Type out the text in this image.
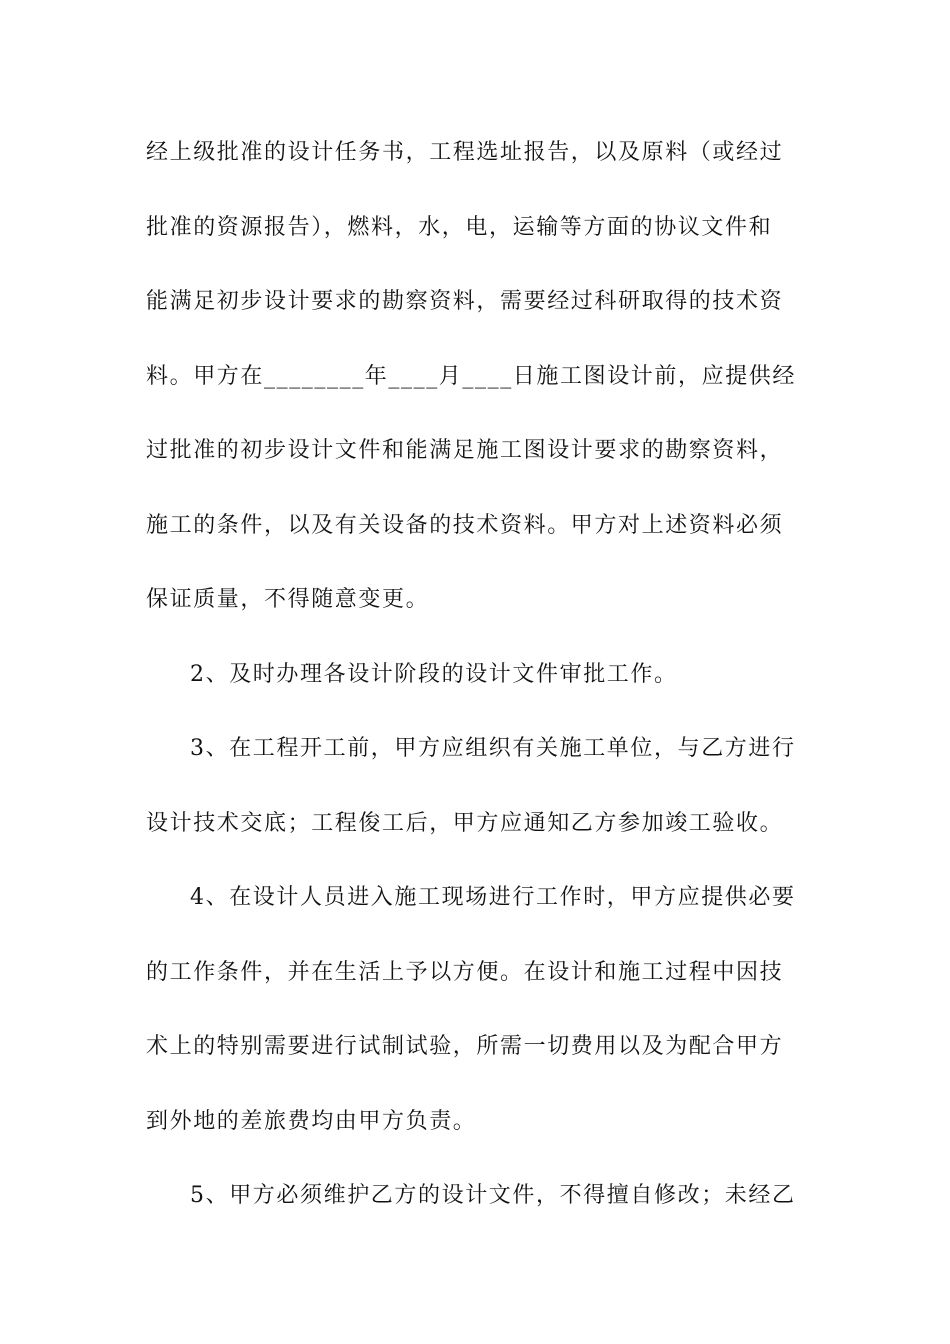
经上级批准的设计任务书，工程选址报告，以及原料（或经过
批准的资源报告），燃料，水，电，运输等方面的协议文件和
能满足初步设计要求的勘察资料，需要经过科研取得的技术资
料。甲方在________年____月____日施工图设计前，应提供经
过批准的初步设计文件和能满足施工图设计要求的勘察资料，
施工的条件，以及有关设备的技术资料。甲方对上述资料必须
保证质量，不得随意变更。
2、及时办理各设计阶段的设计文件审批工作。
3、在工程开工前，甲方应组织有关施工单位，与乙方进行
设计技术交底；工程俊工后，甲方应通知乙方参加竣工验收。
4、在设计人员进入施工现场进行工作时，甲方应提供必要
的工作条件，并在生活上予以方便。在设计和施工过程中因技
术上的特别需要进行试制试验，所需一切费用以及为配合甲方
到外地的差旅费均由甲方负责。
5、甲方必须维护乙方的设计文件，不得擅自修改；未经乙
